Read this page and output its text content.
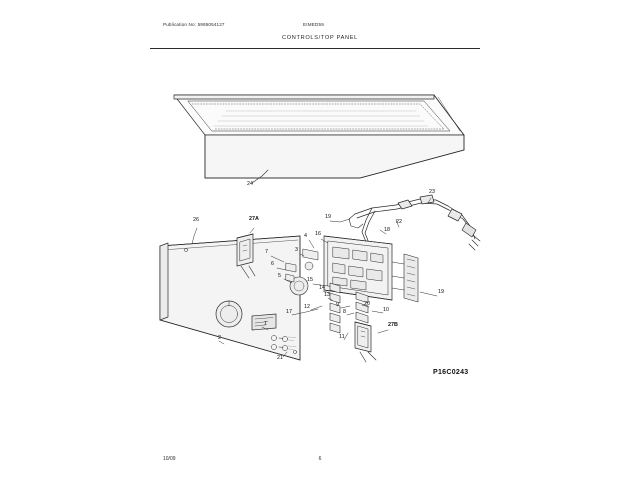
Publication No: 5995054127	EIMED59
CONTROLS/TOP PANEL
24
23
22
19
18
16
26	27A
4
7
6
5
3
15
14
13
12
17
9
8
20
10
27B
11
19
2
1
21
P16C0243
10/09	6
